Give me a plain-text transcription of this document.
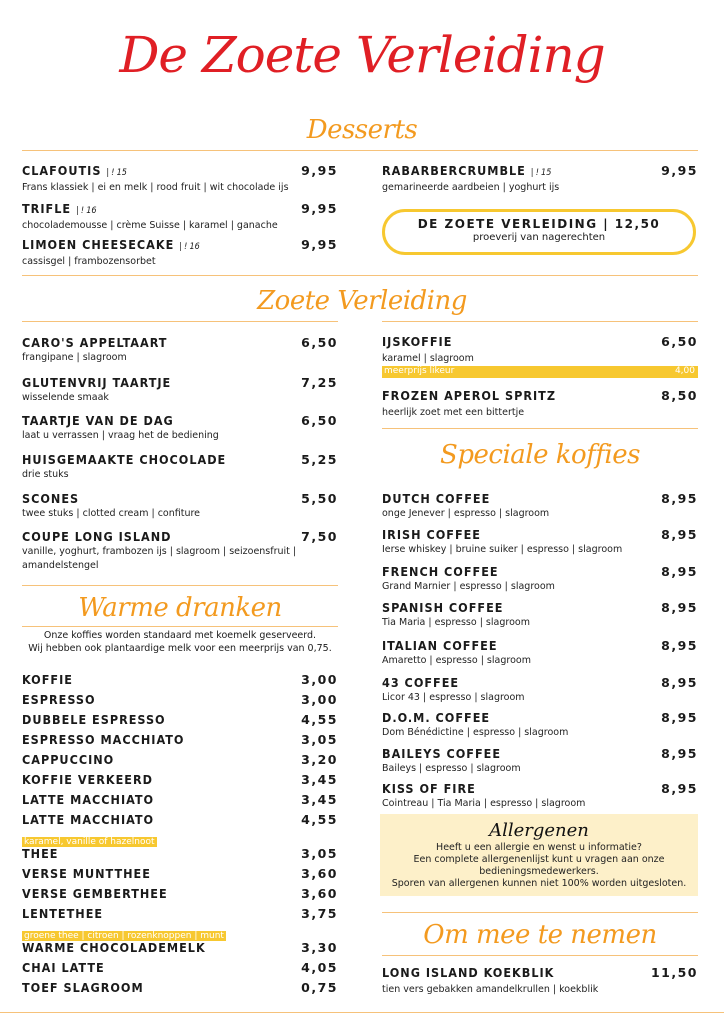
De Zoete Verleiding
Desserts
CLAFOUTIS | ǃ 15	9,95
Frans klassiek | ei en melk | rood fruit | wit chocolade ijs
TRIFLE | ǃ 16	9,95
chocolademousse | crème Suisse | karamel | ganache
LIMOEN CHEESECAKE | ǃ 16	9,95
cassisgel | frambozensorbet
RABARBERCRUMBLE | ǃ 15	9,95
gemarineerde aardbeien | yoghurt ijs
DE ZOETE VERLEIDING | 12,50
proeverij van nagerechten
Zoete Verleiding
CARO'S APPELTAART	6,50
frangipane | slagroom
GLUTENVRIJ TAARTJE	7,25
wisselende smaak
TAARTJE VAN DE DAG	6,50
laat u verrassen | vraag het de bediening
HUISGEMAAKTE CHOCOLADE	5,25
drie stuks
SCONES	5,50
twee stuks | clotted cream | confiture
COUPE LONG ISLAND	7,50
vanille, yoghurt, frambozen ijs | slagroom | seizoensfruit |
amandelstengel
IJSKOFFIE	6,50
karamel | slagroom
meerprijs likeur	4,00
FROZEN APEROL SPRITZ	8,50
heerlijk zoet met een bittertje
Speciale koffies
DUTCH COFFEE	8,95
onge Jenever | espresso | slagroom
IRISH COFFEE	8,95
Ierse whiskey | bruine suiker | espresso | slagroom
FRENCH COFFEE	8,95
Grand Marnier | espresso | slagroom
SPANISH COFFEE	8,95
Tia Maria | espresso | slagroom
ITALIAN COFFEE	8,95
Amaretto | espresso | slagroom
43 COFFEE	8,95
Licor 43 | espresso | slagroom
D.O.M. COFFEE	8,95
Dom Bénédictine | espresso | slagroom
BAILEYS COFFEE	8,95
Baileys | espresso | slagroom
KISS OF FIRE	8,95
Cointreau | Tia Maria | espresso | slagroom
Warme dranken
Onze koffies worden standaard met koemelk geserveerd.
Wij hebben ook plantaardige melk voor een meerprijs van 0,75.
KOFFIE	3,00
ESPRESSO	3,00
DUBBELE ESPRESSO	4,55
ESPRESSO MACCHIATO	3,05
CAPPUCCINO	3,20
KOFFIE VERKEERD	3,45
LATTE MACCHIATO	3,45
LATTE MACCHIATO	4,55
karamel, vanille of hazelnoot
THEE	3,05
VERSE MUNTTHEE	3,60
VERSE GEMBERTHEE	3,60
LENTETHEE	3,75
groene thee | citroen | rozenknoppen | munt
WARME CHOCOLADEMELK	3,30
CHAI LATTE	4,05
TOEF SLAGROOM	0,75
Allergenen
Heeft u een allergie en wenst u informatie?
Een complete allergenenlijst kunt u vragen aan onze
bedieningsmedewerkers.
Sporen van allergenen kunnen niet 100% worden uitgesloten.
Om mee te nemen
LONG ISLAND KOEKBLIK	11,50
tien vers gebakken amandelkrullen | koekblik
